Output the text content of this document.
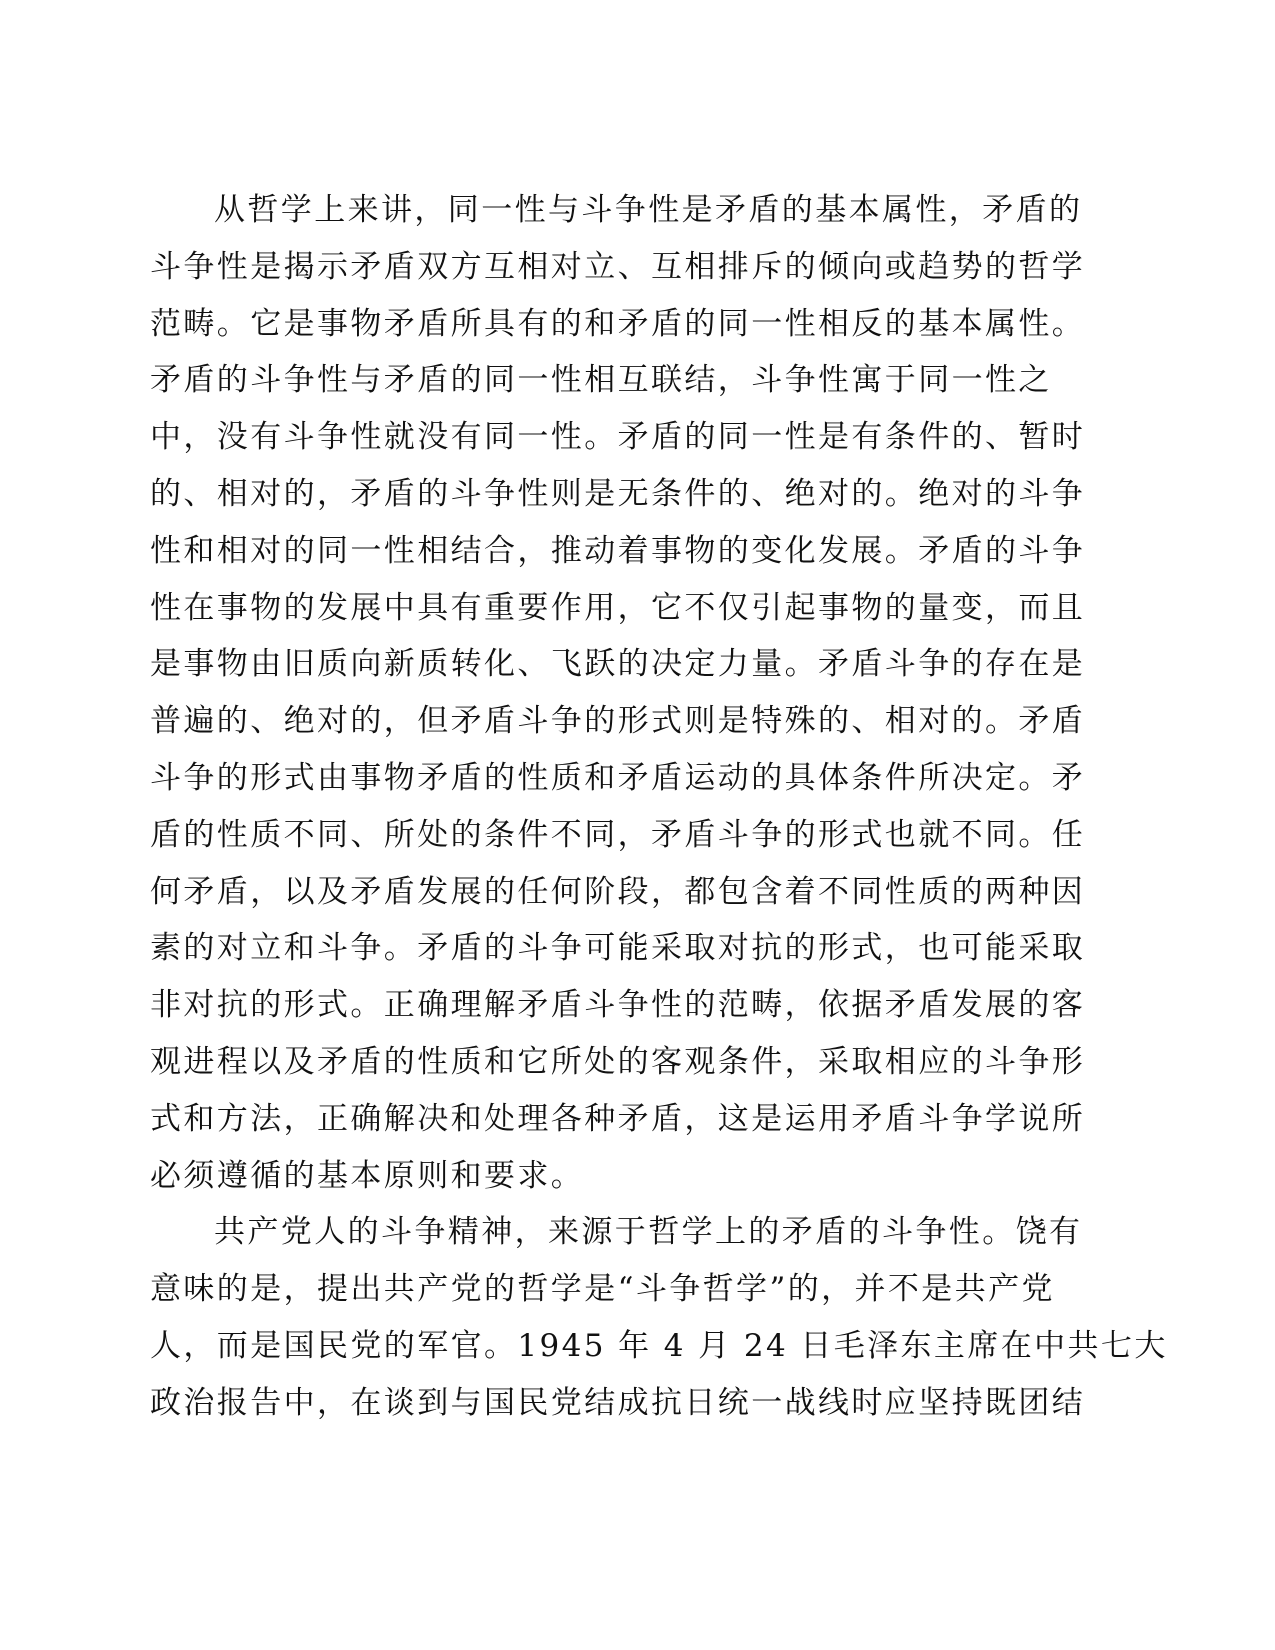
从哲学上来讲，同一性与斗争性是矛盾的基本属性，矛盾的
斗争性是揭示矛盾双方互相对立、互相排斥的倾向或趋势的哲学
范畴。它是事物矛盾所具有的和矛盾的同一性相反的基本属性。
矛盾的斗争性与矛盾的同一性相互联结，斗争性寓于同一性之
中，没有斗争性就没有同一性。矛盾的同一性是有条件的、暂时
的、相对的，矛盾的斗争性则是无条件的、绝对的。绝对的斗争
性和相对的同一性相结合，推动着事物的变化发展。矛盾的斗争
性在事物的发展中具有重要作用，它不仅引起事物的量变，而且
是事物由旧质向新质转化、飞跃的决定力量。矛盾斗争的存在是
普遍的、绝对的，但矛盾斗争的形式则是特殊的、相对的。矛盾
斗争的形式由事物矛盾的性质和矛盾运动的具体条件所决定。矛
盾的性质不同、所处的条件不同，矛盾斗争的形式也就不同。任
何矛盾，以及矛盾发展的任何阶段，都包含着不同性质的两种因
素的对立和斗争。矛盾的斗争可能采取对抗的形式，也可能采取
非对抗的形式。正确理解矛盾斗争性的范畴，依据矛盾发展的客
观进程以及矛盾的性质和它所处的客观条件，采取相应的斗争形
式和方法，正确解决和处理各种矛盾，这是运用矛盾斗争学说所
必须遵循的基本原则和要求。
共产党人的斗争精神，来源于哲学上的矛盾的斗争性。饶有
意味的是，提出共产党的哲学是“斗争哲学”的，并不是共产党
人，而是国民党的军官。1945 年 4 月 24 日毛泽东主席在中共七大
政治报告中，在谈到与国民党结成抗日统一战线时应坚持既团结
